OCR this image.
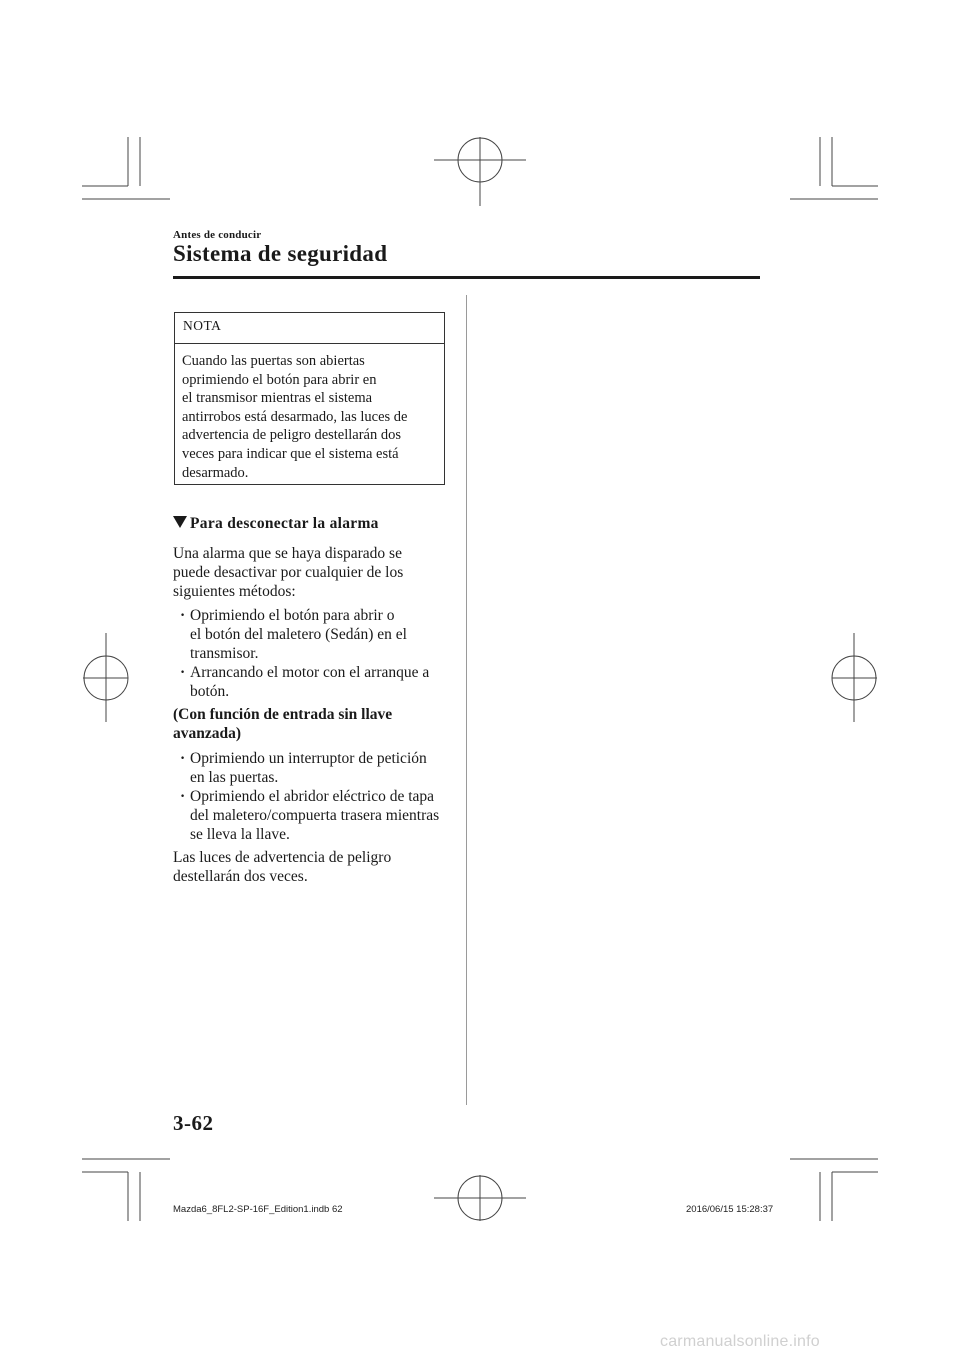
Antes de conducir
Sistema de seguridad
NOTA
Cuando las puertas son abiertas
oprimiendo el botón para abrir en
el transmisor mientras el sistema
antirrobos está desarmado, las luces de
advertencia de peligro destellarán dos
veces para indicar que el sistema está
desarmado.
Para desconectar la alarma
Una alarma que se haya disparado se
puede desactivar por cualquier de los
siguientes métodos:
· Oprimiendo el botón para abrir o
el botón del maletero (Sedán) en el
transmisor.
· Arrancando el motor con el arranque a
botón.
(Con función de entrada sin llave
avanzada)
· Oprimiendo un interruptor de petición
en las puertas.
· Oprimiendo el abridor eléctrico de tapa
del maletero/compuerta trasera mientras
se lleva la llave.
Las luces de advertencia de peligro
destellarán dos veces.
3-62
Mazda6_8FL2-SP-16F_Edition1.indb 62	2016/06/15 15:28:37
carmanualsonline.info
